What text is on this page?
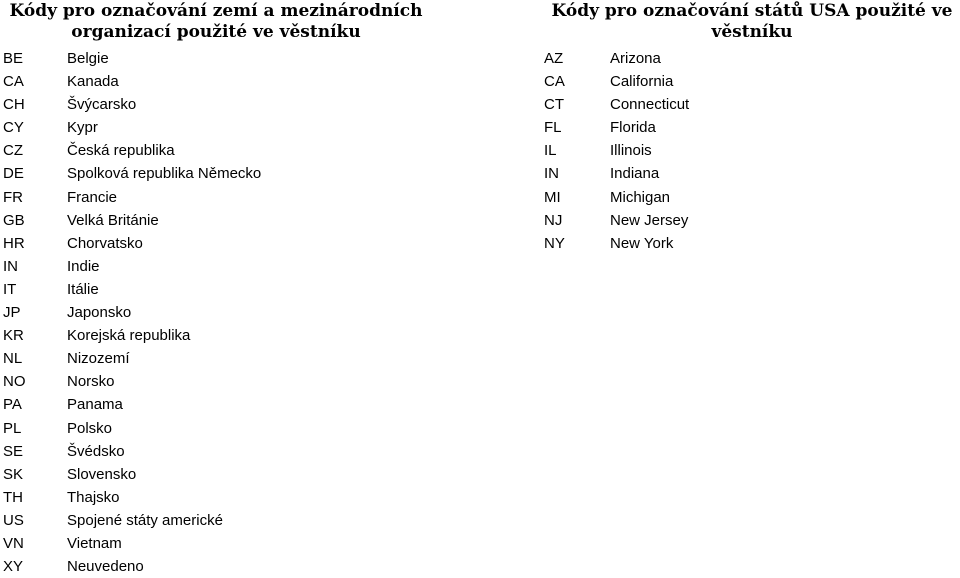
Kódy pro označování zemí a mezinárodních organizací použité ve věstníku
BE	Belgie
CA	Kanada
CH	Švýcarsko
CY	Kypr
CZ	Česká republika
DE	Spolková republika Německo
FR	Francie
GB	Velká Británie
HR	Chorvatsko
IN	Indie
IT	Itálie
JP	Japonsko
KR	Korejská republika
NL	Nizozemí
NO	Norsko
PA	Panama
PL	Polsko
SE	Švédsko
SK	Slovensko
TH	Thajsko
US	Spojené státy americké
VN	Vietnam
XY	Neuvedeno
Kódy pro označování států USA použité ve věstníku
AZ	Arizona
CA	California
CT	Connecticut
FL	Florida
IL	Illinois
IN	Indiana
MI	Michigan
NJ	New Jersey
NY	New York
